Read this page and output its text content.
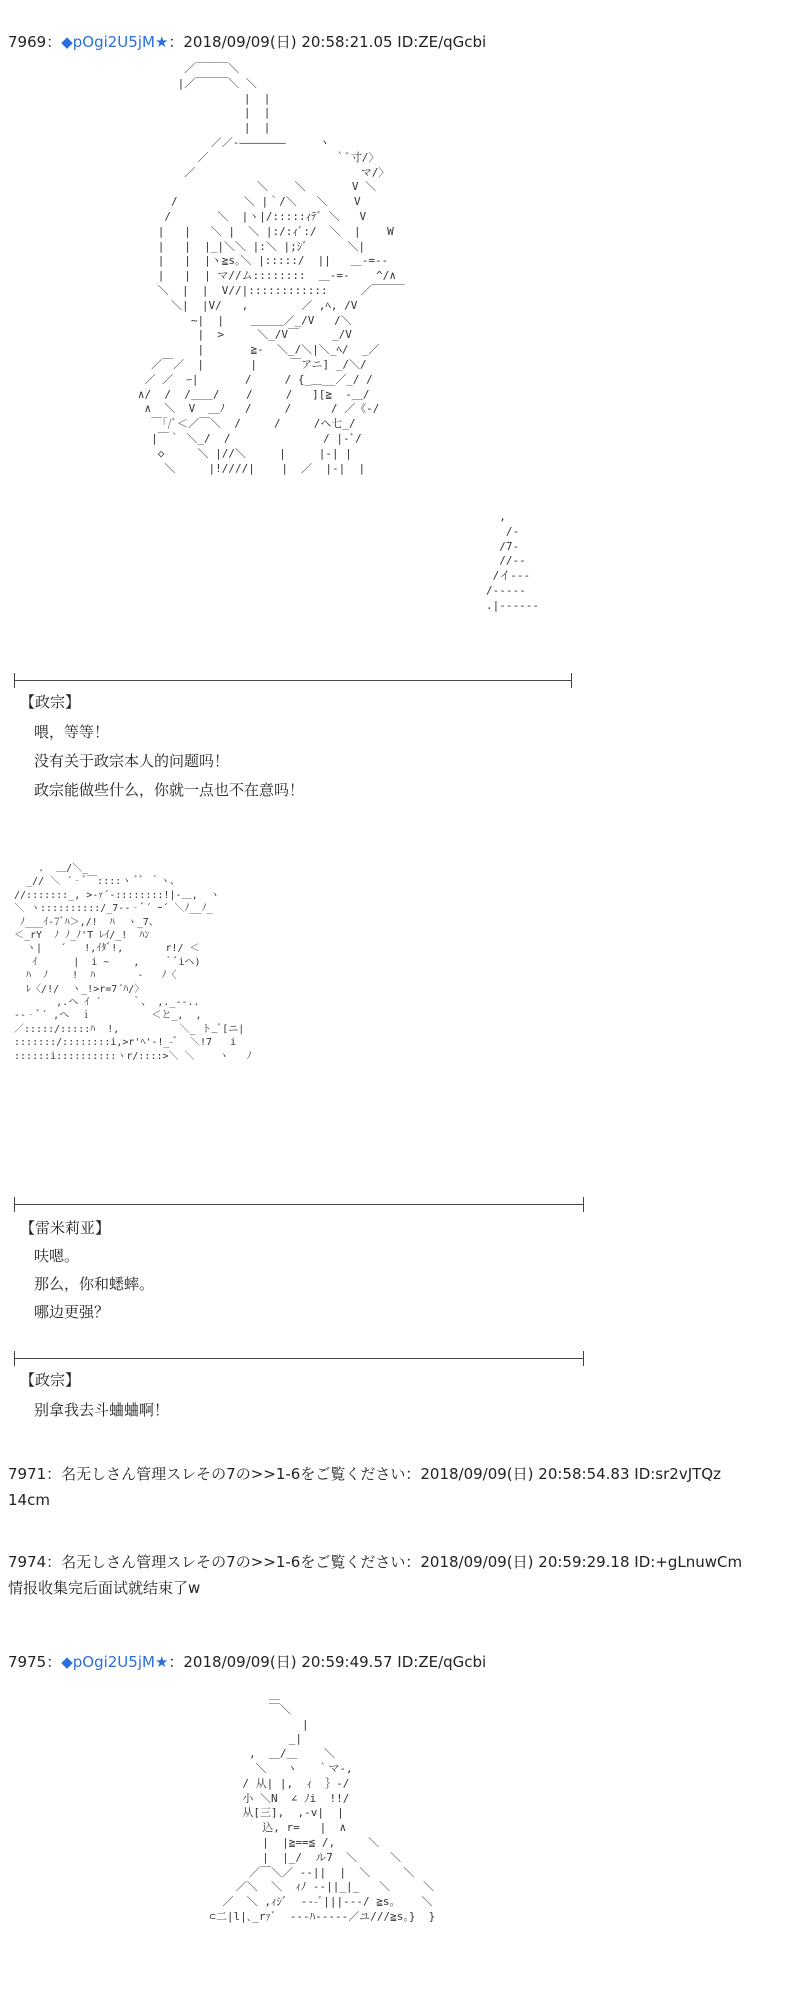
7969：◆pOgi2U5jM★：2018/09/09(日) 20:58:21.05 ID:ZE/qGcbi
／￣￣￣＼
|／￣￣￣＼ ＼
|  |
|  |
|  |
／／-―――――――     ヽ
／                   ｀ﾞ寸/〉
／                         マ/〉
＼    ＼       V ＼
/          ＼ |｀/＼   ＼    V
/       ＼  |ヽ|/:::::ｨﾃﾞ ＼   V
|   |   ＼ |  ＼ |:/:ｨﾞ:/  ＼  |    W
|   |  |_|＼＼ |:＼ |;ｼﾞ      ＼|
|   |  |ヽ≧s｡＼ |:::::/  ||   ＿-=-‐
|   |  | マ//ム::::::::  ＿-=-    ^/∧
＼  |  |  V//|::::::::::::     ／￣￣￣
＼|  |V/   ,        ／ ,ﾍ, /V
~|  |    ＿＿＿／_/V   /＼
|  >     ＼_/V￣     _/V
|       ≧-  ＼_/＼|＼_ﾍ/  _／
／￣／  |       |     ￣アニ] _/＼/
／ ／  ｰ|       /     / {_＿__／_/ /
∧/  /  /＿＿/    /     /   ][≧  -＿/
∧  ＼  V  ＿ﾉ   /     /      / ／《-/
￣｢/ﾞ＜／￣＼  /     /     /ヘ七_/
|￣｀ ＼_/  /              / |-ﾞ/
◇     ＼ |//＼     |     |-| |
＼     |!////|    |  ／  |-|  |
,
/-
/7-
//--
/イ---
/-----
.|------
【政宗】
喂，等等！
没有关于政宗本人的问题吗！
政宗能做些什么，你就一点也不在意吗！
.  ＿/＼_
_// ＼ ´‐ﾞ￣::::ヽ ﾞﾞ ｀ヽ、
//:::::::_, >-ｧ´-::::::::!|-＿,  ヽ
＼ ヽ::::::::::/_7--‐ﾞ´ ｰ´ ＼ﾉ__ﾉ_
ﾉ___ｲ-7ﾞﾊ＞,/!  ﾊ  ヽ_7、
＜_rY  ﾉ ﾉ_ﾉ'T ﾚｲ/_!  ﾊﾝ
ヽ|   ´   !,ｲﾀﾞ!,       r!/ ＜
ｲ      |  i ~    ,    ｀ﾞiヘ)
ﾊ  ﾉ    !  ﾊ       ‐   ﾉ〈
ﾚ〈/!/  ヽ_!>r=7´ﾊ/〉
,.ヘ ｲ ´     ｀、 ,._--..
--‐ﾞ´ ,ヘ  ｉ          ＜と_,  ,
／:::::/:::::ﾊ  !,          ＼_ ト_ﾞ[ニ|
:::::::/::::::::i,>r'ﾍ'-!_-ﾞ  ＼!7   i
::::::i::::::::::ヽr/::::>＼ ＼    ヽ   ﾉ
【雷米莉亚】
呋嗯。
那么，你和蟋蟀。
哪边更强？
【政宗】
别拿我去斗蛐蛐啊！
7971：名无しさん管理スレその7の>>1-6をご覧ください：2018/09/09(日) 20:58:54.83 ID:sr2vJTQz
14cm
7974：名无しさん管理スレその7の>>1-6をご覧ください：2018/09/09(日) 20:59:29.18 ID:+gLnuwCm
情报收集完后面试就结束了w
7975：◆pOgi2U5jM★：2018/09/09(日) 20:59:49.57 ID:ZE/qGcbi
＿
￣＼
|
_|
,  ＿/＿    ＼
＼   ヽ   ｀マ-,
/ 从| |,  ｨ  ｝-/
小 ＼N  ∠ ﾉi  !!/
从[三],  ,-v|  |
込, r=   |  ∧
|  |≧==≦ /,     ＼
|  |_/  ル7  ＼     ＼
／￣＼／ ‐-||  |  ＼     ＼
／＼  ＼  ｨﾉ -‐||_|_   ＼     ＼
／  ＼ ,ｨｼﾞ  ‐--ﾞ|||---/ ≧s｡    ＼
⊂二|l|､_rｧﾞ  ‐--ﾊ-----／ユ///≧s｡}  }
